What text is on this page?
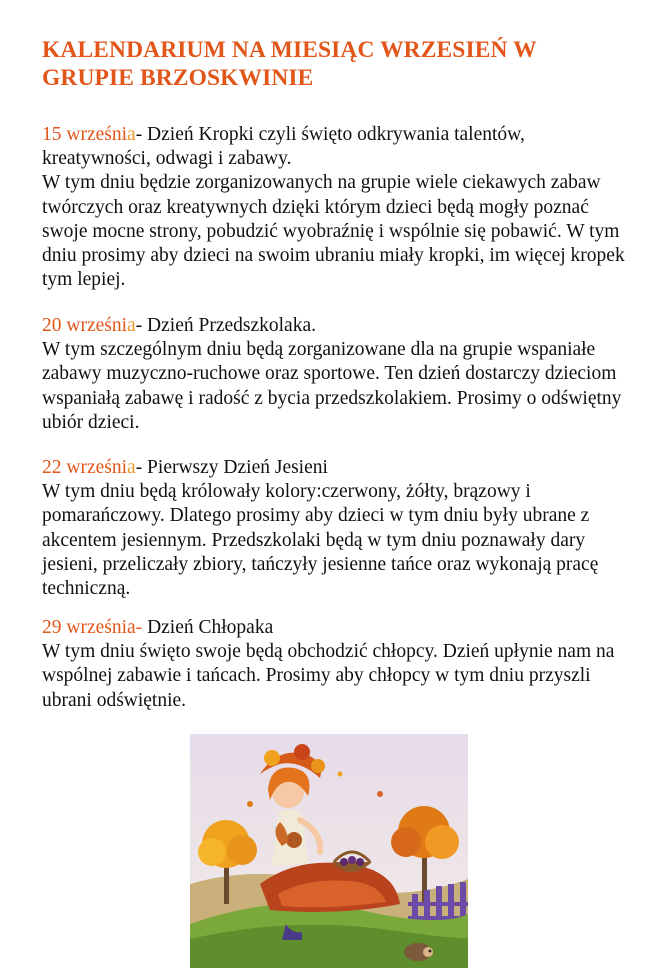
KALENDARIUM NA MIESIĄC WRZESIEŃ W GRUPIE BRZOSKWINIE

15 września- Dzień Kropki czyli święto odkrywania talentów, kreatywności, odwagi i zabawy.

W tym dniu będzie zorganizowanych na grupie wiele ciekawych zabaw twórczych oraz kreatywnych dzięki którym dzieci będą mogły poznać swoje mocne strony, pobudzić wyobraźnię i wspólnie się pobawić. W tym dniu prosimy aby dzieci na swoim ubraniu miały kropki, im więcej kropek tym lepiej.

20 września- Dzień Przedszkolaka.

W tym szczególnym dniu będą zorganizowane dla na grupie wspaniałe zabawy muzyczno-ruchowe oraz sportowe. Ten dzień dostarczy dzieciom wspaniałą zabawę i radość z bycia przedszkolakiem. Prosimy o odświętny ubiór dzieci.

22 września- Pierwszy Dzień Jesieni

W tym dniu będą królowały kolory:czerwony, żółty, brązowy i pomarańczowy. Dlatego prosimy aby dzieci w tym dniu były ubrane z akcentem jesiennym. Przedszkolaki będą w tym dniu poznawały dary jesieni, przeliczały zbiory, tańczyły jesienne tańce oraz wykonają pracę techniczną.

29 września- Dzień Chłopaka

W tym dniu święto swoje będą obchodzić chłopcy. Dzień upłynie nam na wspólnej zabawie i tańcach. Prosimy aby chłopcy w tym dniu przyszli ubrani odświętnie.
